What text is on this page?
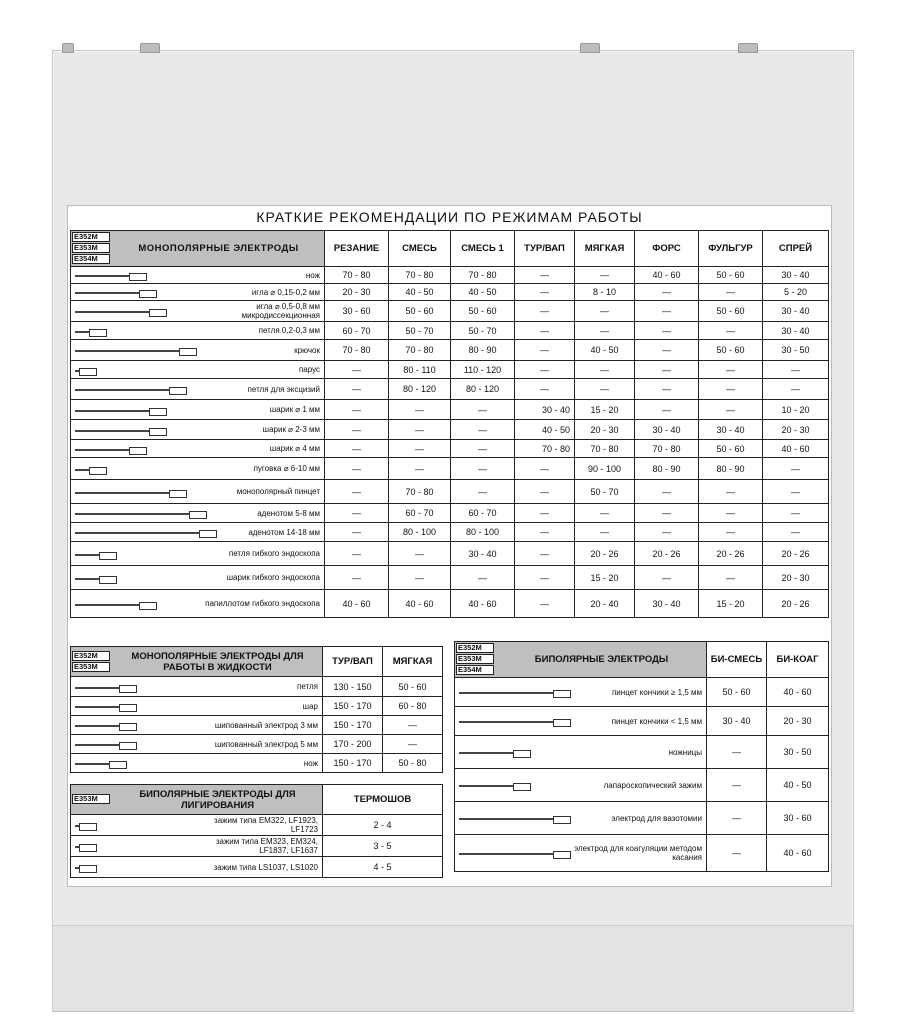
КРАТКИЕ РЕКОМЕНДАЦИИ ПО РЕЖИМАМ РАБОТЫ
Е352М
Е353М
Е354М
МОНОПОЛЯРНЫЕ ЭЛЕКТРОДЫ	РЕЗАНИЕ	СМЕСЬ	СМЕСЬ 1	ТУР/ВАП	МЯГКАЯ	ФОРС	ФУЛЬГУР	СПРЕЙ

нож	70 - 80	70 - 80	70 - 80	—	—	40 - 60	50 - 60	30 - 40

игла ⌀ 0,15-0,2 мм	20 - 30	40 - 50	40 - 50	—	8 - 10	—	—	5 - 20

игла ⌀ 0,5-0,8 мм микродиссекционная	30 - 60	50 - 60	50 - 60	—	—	—	50 - 60	30 - 40

петля 0,2-0,3 мм	60 - 70	50 - 70	50 - 70	—	—	—	—	30 - 40

крючок	70 - 80	70 - 80	80 - 90	—	40 - 50	—	50 - 60	30 - 50

парус	—	80 - 110	110 - 120	—	—	—	—	—

петля для эксцизий	—	80 - 120	80 - 120	—	—	—	—	—

шарик ⌀ 1 мм	—	—	—	30 - 40	15 - 20	—	—	10 - 20

шарик ⌀ 2-3 мм	—	—	—	40 - 50	20 - 30	30 - 40	30 - 40	20 - 30

шарик ⌀ 4 мм	—	—	—	70 - 80	70 - 80	70 - 80	50 - 60	40 - 60

пуговка ⌀ 6-10 мм	—	—	—	—	90 - 100	80 - 90	80 - 90	—

монополярный пинцет	—	70 - 80	—	—	50 - 70	—	—	—

аденотом 5-8 мм	—	60 - 70	60 - 70	—	—	—	—	—

аденотом 14-18 мм	—	80 - 100	80 - 100	—	—	—	—	—

петля гибкого эндоскопа	—	—	30 - 40	—	20 - 26	20 - 26	20 - 26	20 - 26

шарик гибкого эндоскопа	—	—	—	—	15 - 20	—	—	20 - 30

папиллотом гибкого эндоскопа	40 - 60	40 - 60	40 - 60	—	20 - 40	30 - 40	15 - 20	20 - 26
Е352М
Е353М
МОНОПОЛЯРНЫЕ ЭЛЕКТРОДЫ ДЛЯ РАБОТЫ В ЖИДКОСТИ	ТУР/ВАП	МЯГКАЯ

петля	130 - 150	50 - 60

шар	150 - 170	60 - 80

шипованный электрод 3 мм	150 - 170	—

шипованный электрод 5 мм	170 - 200	—

нож	150 - 170	50 - 80
Е353М БИПОЛЯРНЫЕ ЭЛЕКТРОДЫ ДЛЯ ЛИГИРОВАНИЯ	ТЕРМОШОВ

зажим типа ЕМ322, LF1923, LF1723	2 - 4

зажим типа ЕМ323, ЕМ324, LF1837, LF1637	3 - 5

зажим типа LS1037, LS1020	4 - 5
Е352М
Е353М
Е354М
БИПОЛЯРНЫЕ ЭЛЕКТРОДЫ	БИ-СМЕСЬ	БИ-КОАГ

пинцет кончики ≥ 1,5 мм	50 - 60	40 - 60

пинцет кончики < 1,5 мм	30 - 40	20 - 30

ножницы	—	30 - 50

лапароскопический зажим	—	40 - 50

электрод для вазотомии	—	30 - 60

электрод для коагуляции методом касания	—	40 - 60
